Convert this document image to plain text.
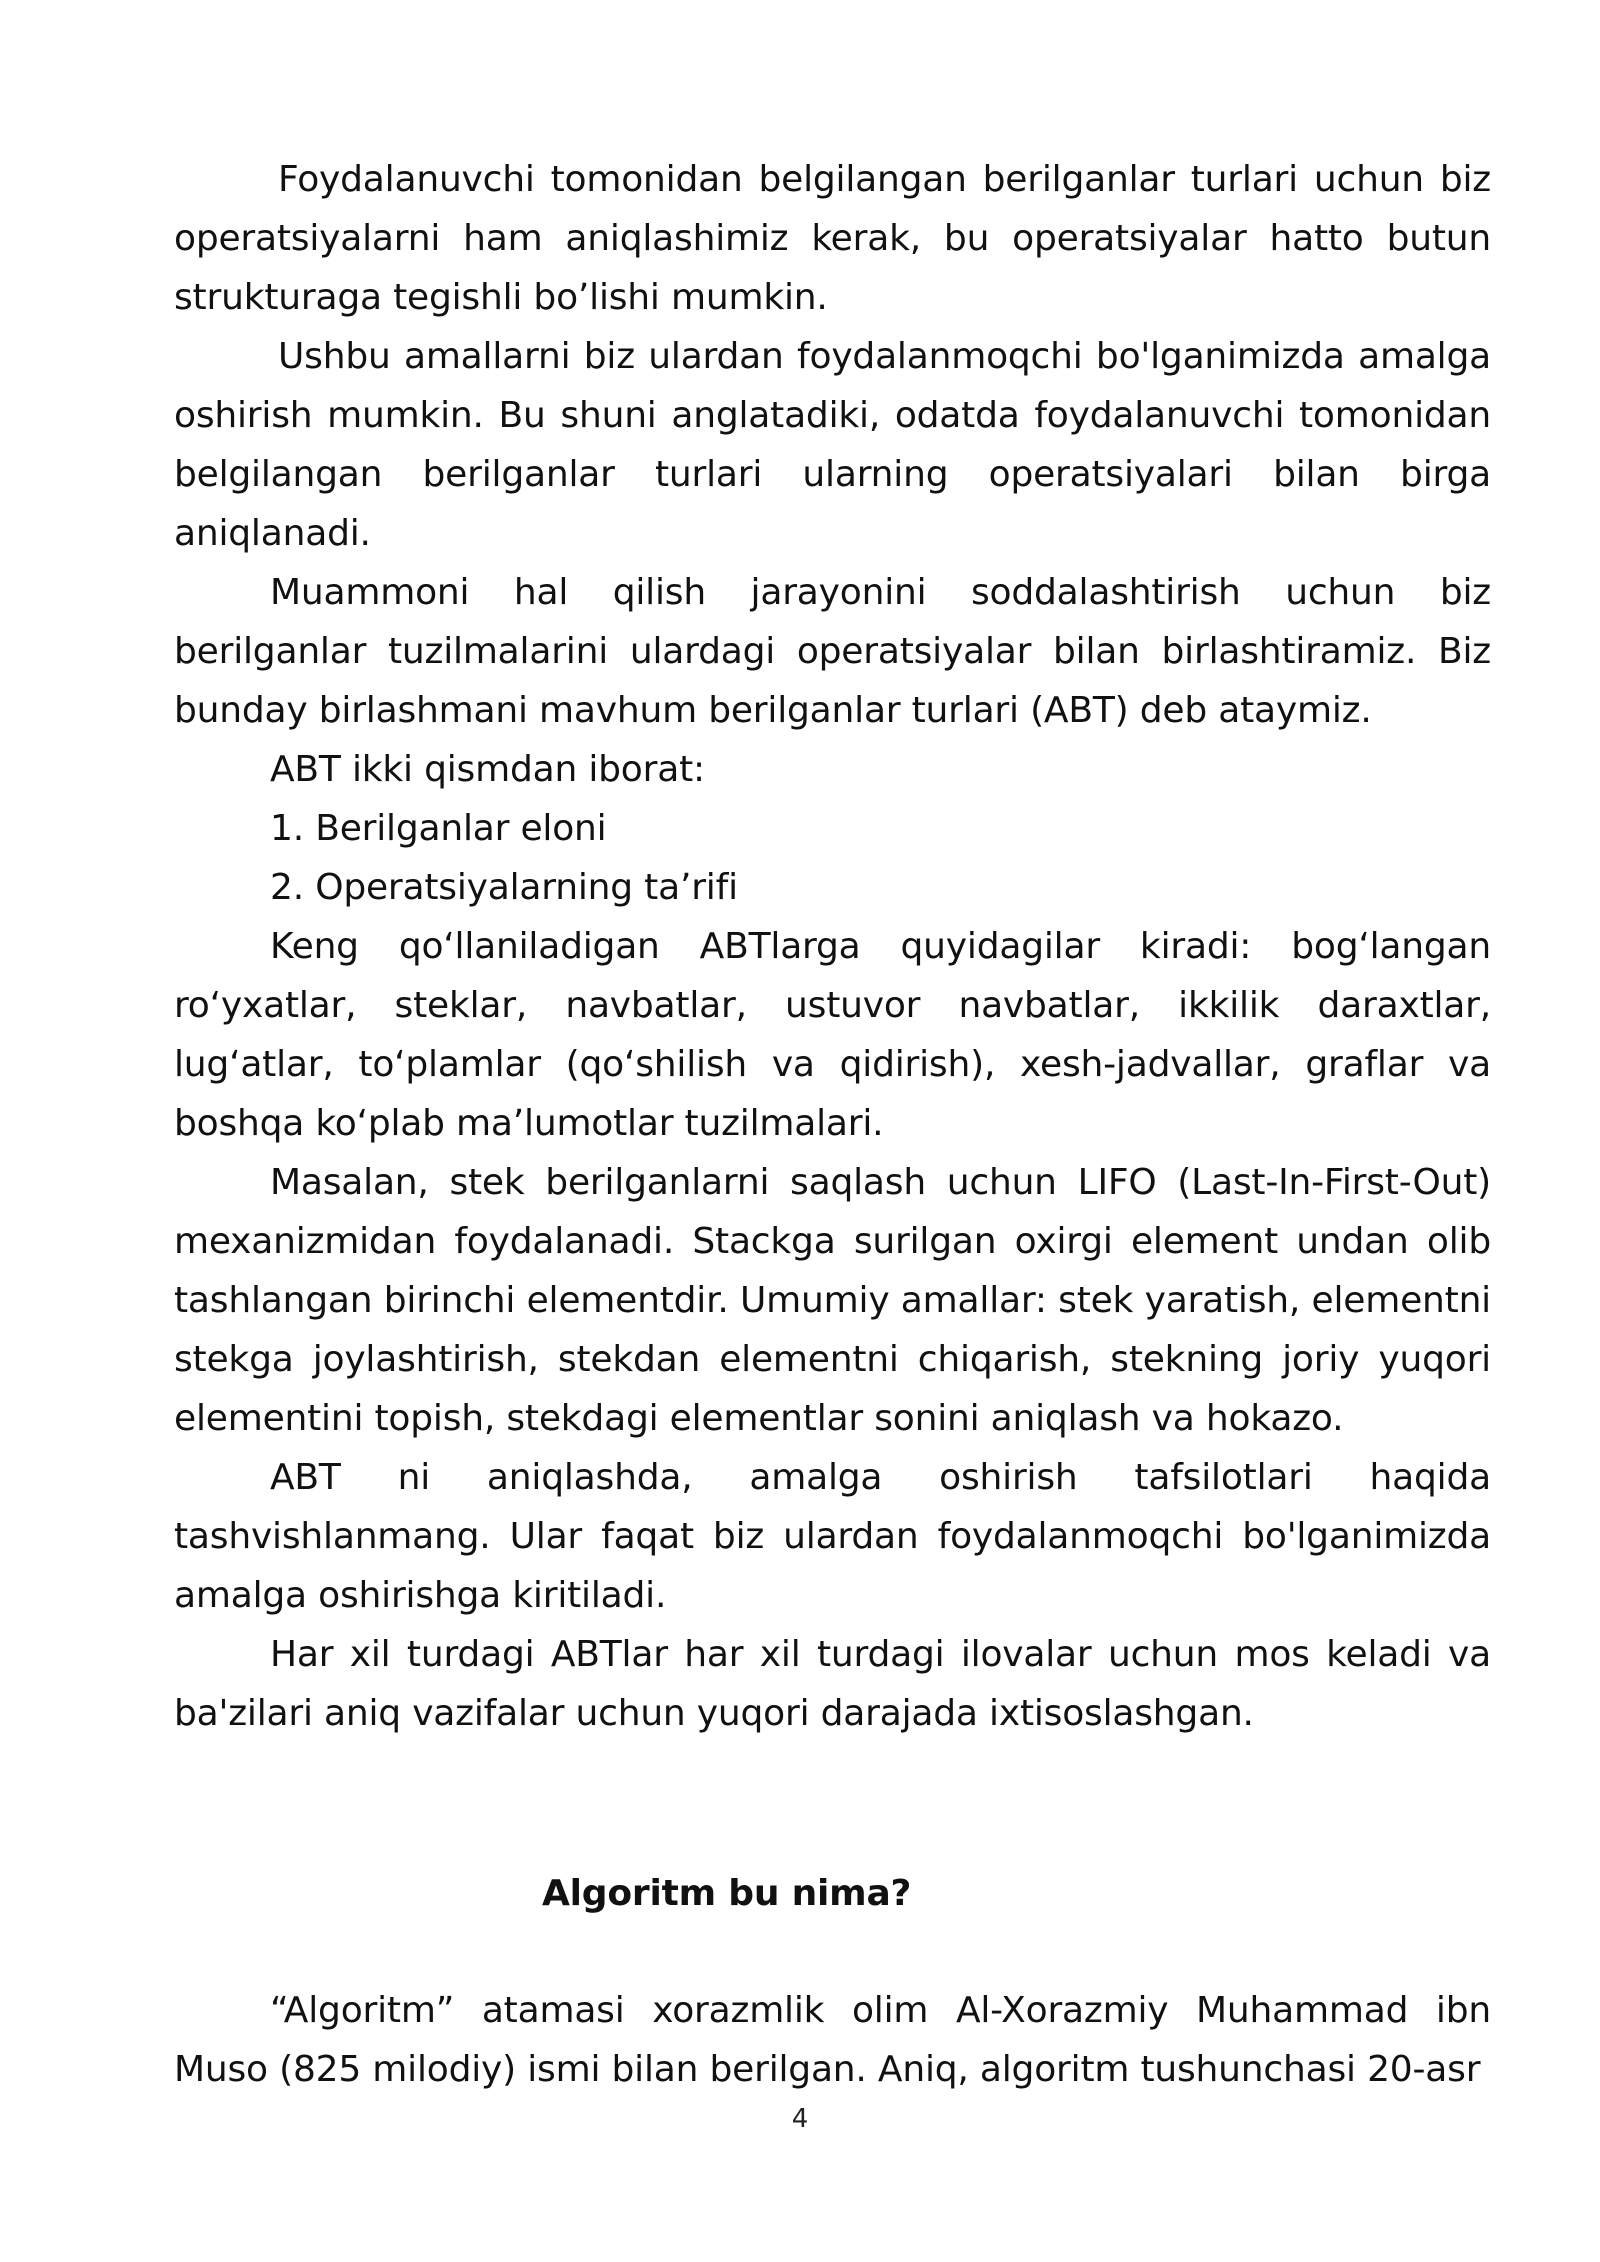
Foydalanuvchi tomonidan belgilangan berilganlar turlari uchun biz operatsiyalarni ham aniqlashimiz kerak, bu operatsiyalar hatto butun strukturaga tegishli boʼlishi mumkin.

Ushbu amallarni biz ulardan foydalanmoqchi bo'lganimizda amalga oshirish mumkin. Bu shuni anglatadiki, odatda foydalanuvchi tomonidan belgilangan berilganlar turlari ularning operatsiyalari bilan birga aniqlanadi.

Muammoni hal qilish jarayonini soddalashtirish uchun biz berilganlar tuzilmalarini ulardagi operatsiyalar bilan birlashtiramiz. Biz bunday birlashmani mavhum berilganlar turlari (ABT) deb ataymiz.

ABT ikki qismdan iborat:

1. Berilganlar eloni

2. Operatsiyalarning taʼrifi

Keng qoʻllaniladigan ABTlarga quyidagilar kiradi: bogʻlangan roʻyxatlar, steklar, navbatlar, ustuvor navbatlar, ikkilik daraxtlar, lugʻatlar, toʻplamlar (qoʻshilish va qidirish), xesh-jadvallar, graflar va boshqa koʻplab maʼlumotlar tuzilmalari.

Masalan, stek berilganlarni saqlash uchun LIFO (Last-In-First-Out) mexanizmidan foydalanadi. Stackga surilgan oxirgi element undan olib tashlangan birinchi elementdir. Umumiy amallar: stek yaratish, elementni stekga joylashtirish, stekdan elementni chiqarish, stekning joriy yuqori elementini topish, stekdagi elementlar sonini aniqlash va hokazo.

ABT ni aniqlashda, amalga oshirish tafsilotlari haqida tashvishlanmang. Ular faqat biz ulardan foydalanmoqchi bo'lganimizda amalga oshirishga kiritiladi.

Har xil turdagi ABTlar har xil turdagi ilovalar uchun mos keladi va ba'zilari aniq vazifalar uchun yuqori darajada ixtisoslashgan.

Algoritm bu nima?

“Algoritm” atamasi xorazmlik olim Al-Xorazmiy Muhammad ibn Muso (825 milodiy) ismi bilan berilgan. Aniq, algoritm tushunchasi 20-asr

4
